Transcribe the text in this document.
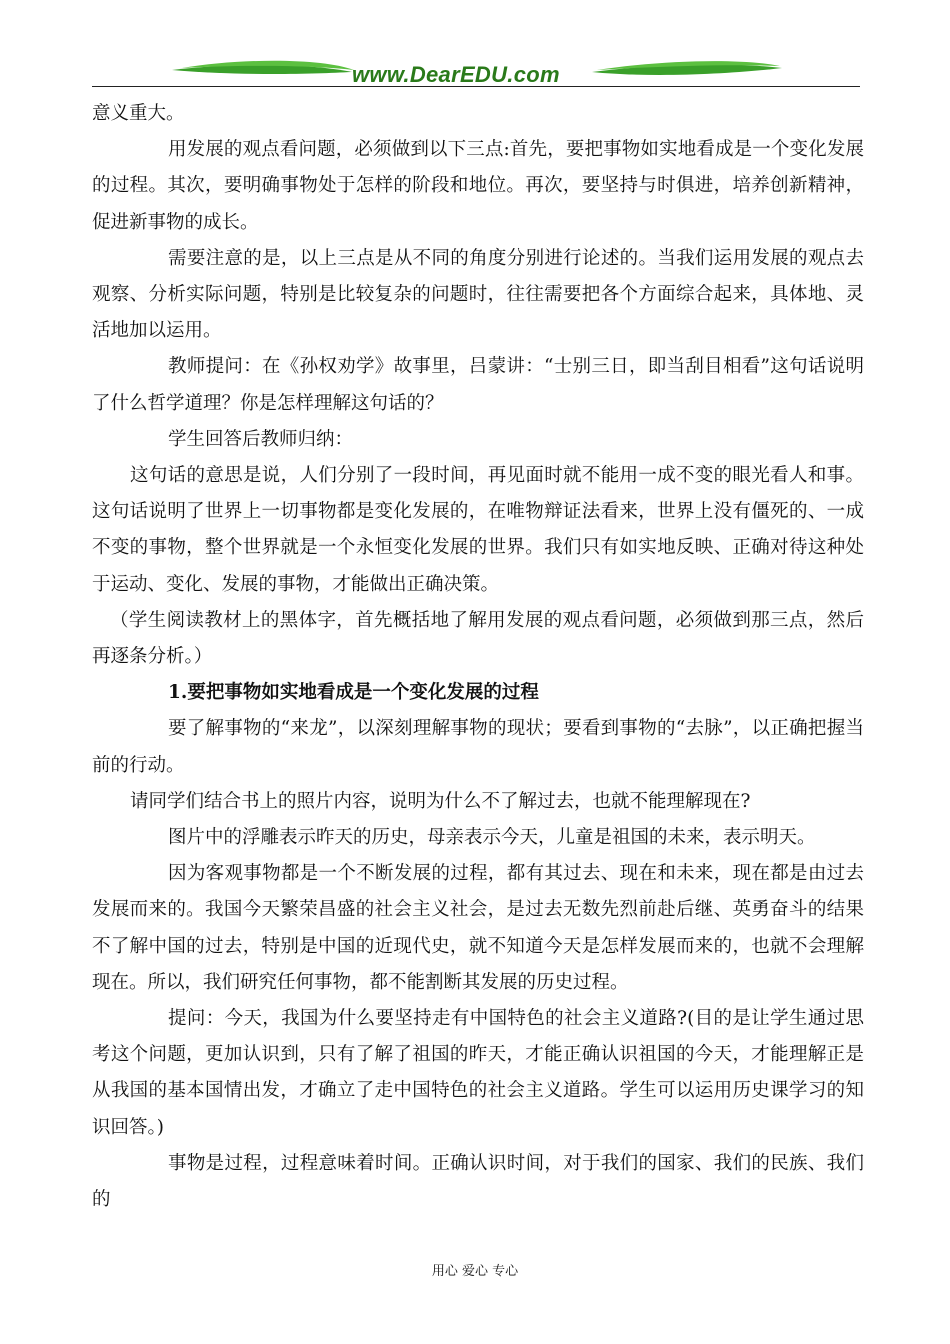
www.DearEDU.com

意义重大。

用发展的观点看问题，必须做到以下三点:首先，要把事物如实地看成是一个变化发展的过程。其次，要明确事物处于怎样的阶段和地位。再次，要坚持与时俱进，培养创新精神，促进新事物的成长。

需要注意的是，以上三点是从不同的角度分别进行论述的。当我们运用发展的观点去观察、分析实际问题，特别是比较复杂的问题时，往往需要把各个方面综合起来，具体地、灵活地加以运用。

教师提问：在《孙权劝学》故事里，吕蒙讲：“士别三日，即当刮目相看”这句话说明了什么哲学道理？你是怎样理解这句话的？

学生回答后教师归纳：

这句话的意思是说，人们分别了一段时间，再见面时就不能用一成不变的眼光看人和事。这句话说明了世界上一切事物都是变化发展的，在唯物辩证法看来，世界上没有僵死的、一成不变的事物，整个世界就是一个永恒变化发展的世界。我们只有如实地反映、正确对待这种处于运动、变化、发展的事物，才能做出正确决策。

（学生阅读教材上的黑体字，首先概括地了解用发展的观点看问题，必须做到那三点，然后再逐条分析。）

1.要把事物如实地看成是一个变化发展的过程

要了解事物的“来龙”，以深刻理解事物的现状；要看到事物的“去脉”，以正确把握当前的行动。

请同学们结合书上的照片内容，说明为什么不了解过去，也就不能理解现在?

图片中的浮雕表示昨天的历史，母亲表示今天，儿童是祖国的未来，表示明天。

因为客观事物都是一个不断发展的过程，都有其过去、现在和未来，现在都是由过去发展而来的。我国今天繁荣昌盛的社会主义社会，是过去无数先烈前赴后继、英勇奋斗的结果不了解中国的过去，特别是中国的近现代史，就不知道今天是怎样发展而来的，也就不会理解现在。所以，我们研究任何事物，都不能割断其发展的历史过程。

提问：今天，我国为什么要坚持走有中国特色的社会主义道路?(目的是让学生通过思考这个问题，更加认识到，只有了解了祖国的昨天，才能正确认识祖国的今天，才能理解正是从我国的基本国情出发，才确立了走中国特色的社会主义道路。学生可以运用历史课学习的知识回答。)

事物是过程，过程意味着时间。正确认识时间，对于我们的国家、我们的民族、我们的

用心 爱心 专心
